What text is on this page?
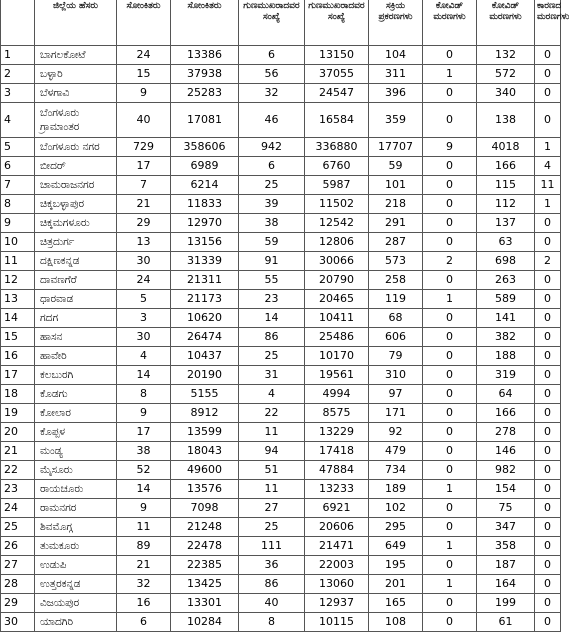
	ಜಿಲ್ಲೆಯ ಹೆಸರು	ಸೋಂಕಿತರು	ಸೋಂಕಿತರು	ಗುಣಮುಖರಾದವರ ಸಂಖ್ಯೆ	ಗುಣಮುಖರಾದವರ ಸಂಖ್ಯೆ	ಸಕ್ರಿಯ ಪ್ರಕರಣಗಳು	ಕೋವಿಡ್ ಮರಣಗಳು	ಕೋವಿಡ್ ಮರಣಗಳು	ಕಾರಣದ ಮರಣಗಳು
1	ಬಾಗಲಕೋಟೆ	24	13386	6	13150	104	0	132	0
2	ಬಳ್ಳಾರಿ	15	37938	56	37055	311	1	572	0
3	ಬೆಳಗಾವಿ	9	25283	32	24547	396	0	340	0
4	ಬೆಂಗಳೂರು ಗ್ರಾಮಾಂತರ	40	17081	46	16584	359	0	138	0
5	ಬೆಂಗಳೂರು ನಗರ	729	358606	942	336880	17707	9	4018	1
6	ಬೀದರ್	17	6989	6	6760	59	0	166	4
7	ಚಾಮರಾಜನಗರ	7	6214	25	5987	101	0	115	11
8	ಚಿಕ್ಕಬಳ್ಳಾಪುರ	21	11833	39	11502	218	0	112	1
9	ಚಿಕ್ಕಮಗಳೂರು	29	12970	38	12542	291	0	137	0
10	ಚಿತ್ರದುರ್ಗ	13	13156	59	12806	287	0	63	0
11	ದಕ್ಷಿಣಕನ್ನಡ	30	31339	91	30066	573	2	698	2
12	ದಾವಣಗೆರೆ	24	21311	55	20790	258	0	263	0
13	ಧಾರವಾಡ	5	21173	23	20465	119	1	589	0
14	ಗದಗ	3	10620	14	10411	68	0	141	0
15	ಹಾಸನ	30	26474	86	25486	606	0	382	0
16	ಹಾವೇರಿ	4	10437	25	10170	79	0	188	0
17	ಕಲಬುರಗಿ	14	20190	31	19561	310	0	319	0
18	ಕೊಡಗು	8	5155	4	4994	97	0	64	0
19	ಕೋಲಾರ	9	8912	22	8575	171	0	166	0
20	ಕೊಪ್ಪಳ	17	13599	11	13229	92	0	278	0
21	ಮಂಡ್ಯ	38	18043	94	17418	479	0	146	0
22	ಮೈಸೂರು	52	49600	51	47884	734	0	982	0
23	ರಾಯಚೂರು	14	13576	11	13233	189	1	154	0
24	ರಾಮನಗರ	9	7098	27	6921	102	0	75	0
25	ಶಿವಮೊಗ್ಗ	11	21248	25	20606	295	0	347	0
26	ತುಮಕೂರು	89	22478	111	21471	649	1	358	0
27	ಉಡುಪಿ	21	22385	36	22003	195	0	187	0
28	ಉತ್ತರಕನ್ನಡ	32	13425	86	13060	201	1	164	0
29	ವಿಜಯಪುರ	16	13301	40	12937	165	0	199	0
30	ಯಾದಗಿರಿ	6	10284	8	10115	108	0	61	0
